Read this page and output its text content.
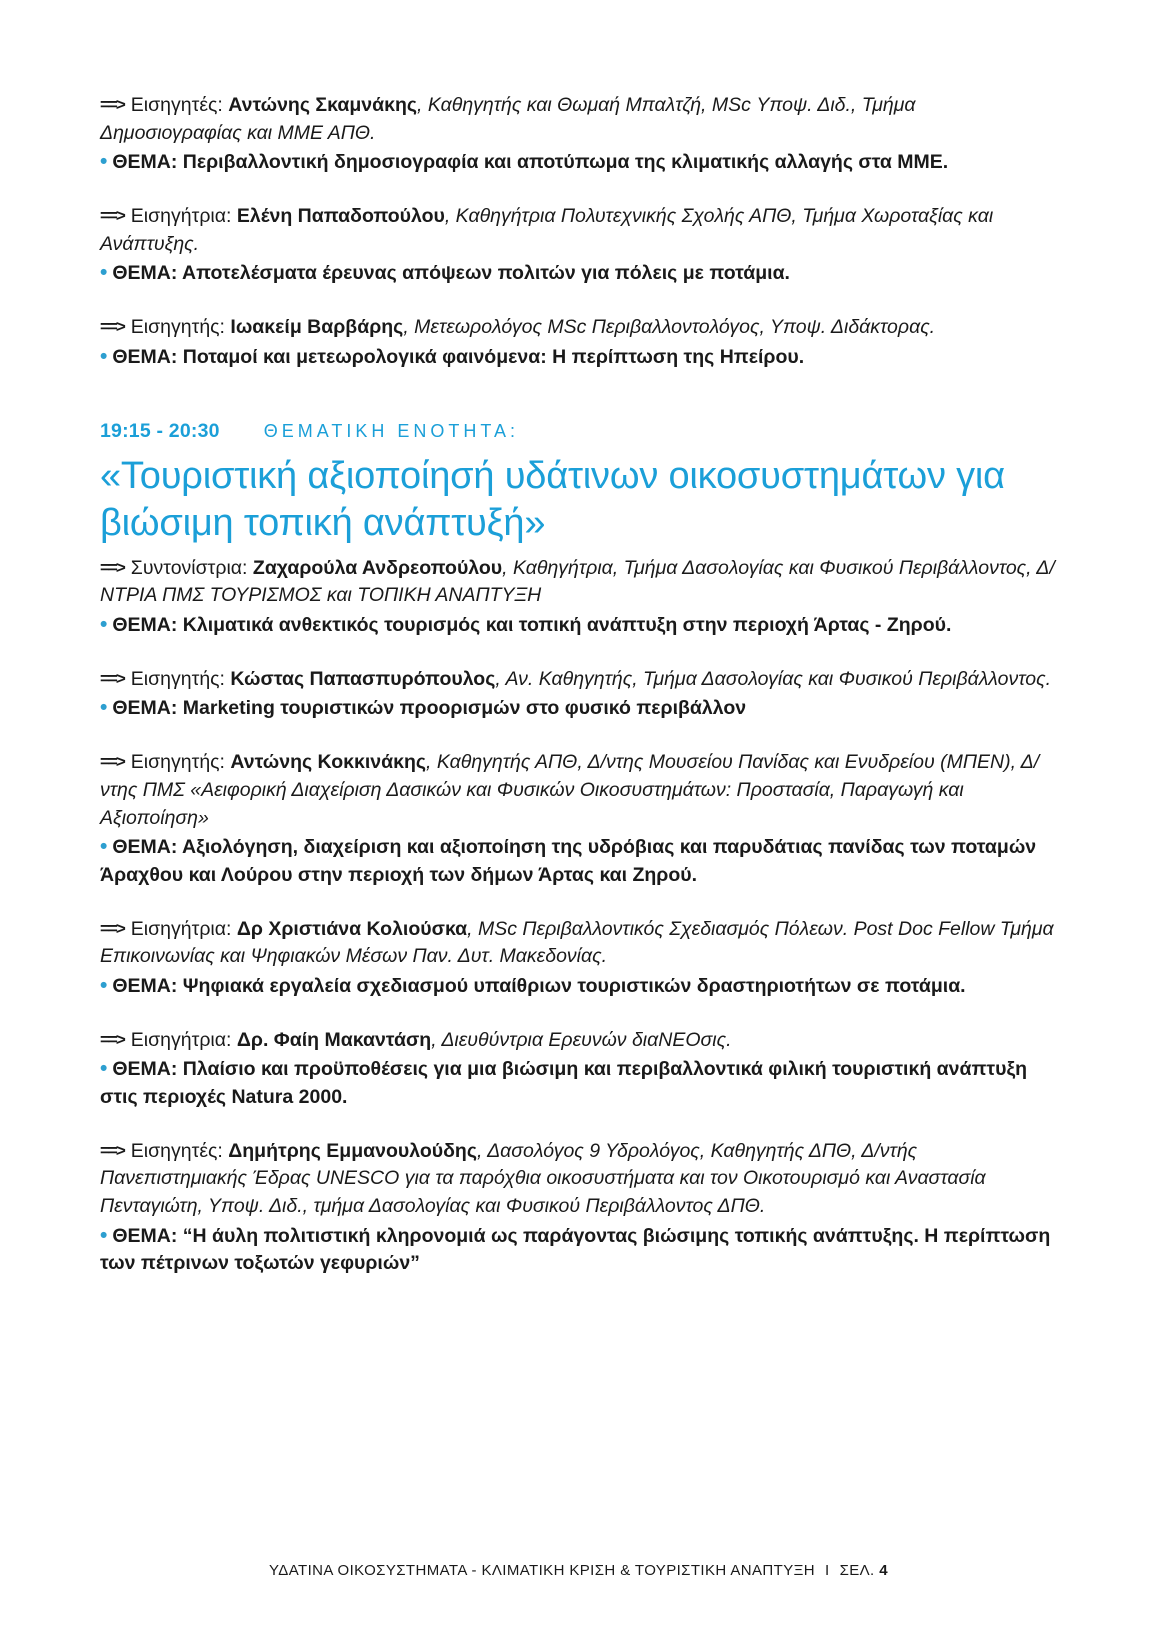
==> Εισηγητές: Αντώνης Σκαμνάκης, Καθηγητής και Θωμαή Μπαλτζή, MSc Υποψ. Διδ., Τμήμα Δημοσιογραφίας και ΜΜΕ ΑΠΘ.

• ΘΕΜΑ: Περιβαλλοντική δημοσιογραφία και αποτύπωμα της κλιματικής αλλαγής στα ΜΜΕ.

==> Εισηγήτρια: Ελένη Παπαδοπούλου, Καθηγήτρια Πολυτεχνικής Σχολής ΑΠΘ, Τμήμα Χωροταξίας και Ανάπτυξης.

• ΘΕΜΑ: Αποτελέσματα έρευνας απόψεων πολιτών για πόλεις με ποτάμια.

==> Εισηγητής: Ιωακείμ Βαρβάρης, Μετεωρολόγος MSc Περιβαλλοντολόγος, Υποψ. Διδάκτορας.

• ΘΕΜΑ: Ποταμοί και μετεωρολογικά φαινόμενα: Η περίπτωση της Ηπείρου.

19:15 - 20:30 ΘΕΜΑΤΙΚΗ ΕΝΟΤΗΤΑ:
«Τουριστική αξιοποίησή υδάτινων οικοσυστημάτων για βιώσιμη τοπική ανάπτυξή»

==> Συντονίστρια: Ζαχαρούλα Ανδρεοπούλου, Καθηγήτρια, Τμήμα Δασολογίας και Φυσικού Περιβάλλοντος, Δ/ΝΤΡΙΑ ΠΜΣ ΤΟΥΡΙΣΜΟΣ και ΤΟΠΙΚΗ ΑΝΑΠΤΥΞΗ

• ΘΕΜΑ: Κλιματικά ανθεκτικός τουρισμός και τοπική ανάπτυξη στην περιοχή Άρτας - Ζηρού.

==> Εισηγητής: Κώστας Παπασπυρόπουλος, Αν. Καθηγητής, Τμήμα Δασολογίας και Φυσικού Περιβάλλοντος.

• ΘΕΜΑ: Marketing τουριστικών προορισμών στο φυσικό περιβάλλον

==> Εισηγητής: Αντώνης Κοκκινάκης, Καθηγητής ΑΠΘ, Δ/ντης Μουσείου Πανίδας και Ενυδρείου (ΜΠΕΝ), Δ/ντης ΠΜΣ «Αειφορική Διαχείριση Δασικών και Φυσικών Οικοσυστημάτων: Προστασία, Παραγωγή και Αξιοποίηση»

• ΘΕΜΑ: Αξιολόγηση, διαχείριση και αξιοποίηση της υδρόβιας και παρυδάτιας πανίδας των ποταμών Άραχθου και Λούρου στην περιοχή των δήμων Άρτας και Ζηρού.

==> Εισηγήτρια: Δρ Χριστιάνα Κολιούσκα, MSc Περιβαλλοντικός Σχεδιασμός Πόλεων. Post Doc Fellow Τμήμα Επικοινωνίας και Ψηφιακών Μέσων Παν. Δυτ. Μακεδονίας.

• ΘΕΜΑ: Ψηφιακά εργαλεία σχεδιασμού υπαίθριων τουριστικών δραστηριοτήτων σε ποτάμια.

==> Εισηγήτρια: Δρ. Φαίη Μακαντάση, Διευθύντρια Ερευνών διαΝΕΟσις.

• ΘΕΜΑ: Πλαίσιο και προϋποθέσεις για μια βιώσιμη και περιβαλλοντικά φιλική τουριστική ανάπτυξη στις περιοχές Natura 2000.

==> Εισηγητές: Δημήτρης Εμμανουλούδης, Δασολόγος 9 Υδρολόγος, Καθηγητής ΔΠΘ, Δ/ντής Πανεπιστημιακής Έδρας UNESCO για τα παρόχθια οικοσυστήματα και τον Οικοτουρισμό και Αναστασία Πενταγιώτη, Υποψ. Διδ., τμήμα Δασολογίας και Φυσικού Περιβάλλοντος ΔΠΘ.

• ΘΕΜΑ: “Η άυλη πολιτιστική κληρονομιά ως παράγοντας βιώσιμης τοπικής ανάπτυξης. Η περίπτωση των πέτρινων τοξωτών γεφυριών”

ΥΔΑΤΙΝΑ ΟΙΚΟΣΥΣΤΗΜΑΤΑ - ΚΛΙΜΑΤΙΚΗ ΚΡΙΣΗ & ΤΟΥΡΙΣΤΙΚΗ ΑΝΑΠΤΥΞΗ Ι ΣΕΛ. 4
